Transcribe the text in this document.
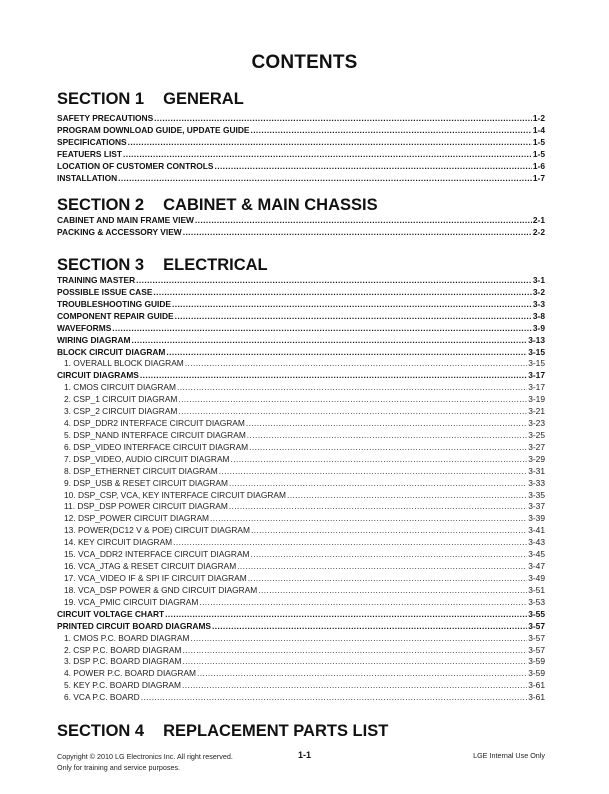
CONTENTS
SECTION 1 GENERAL
SAFETY PRECAUTIONS .....	1-2
PROGRAM DOWNLOAD GUIDE, UPDATE GUIDE .....	1-4
SPECIFICATIONS .....	1-5
FEATUERS LIST .....	1-5
LOCATION OF CUSTOMER CONTROLS .....	1-6
INSTALLATION .....	1-7
SECTION 2 CABINET & MAIN CHASSIS
CABINET AND MAIN FRAME VIEW .....	2-1
PACKING & ACCESSORY VIEW .....	2-2
SECTION 3 ELECTRICAL
TRAINING MASTER .....	3-1
POSSIBLE ISSUE CASE .....	3-2
TROUBLESHOOTING GUIDE .....	3-3
COMPONENT REPAIR GUIDE .....	3-8
WAVEFORMS .....	3-9
WIRING DIAGRAM .....	3-13
BLOCK CIRCUIT DIAGRAM .....	3-15
1. OVERALL BLOCK DIAGRAM .....	3-15
CIRCUIT DIAGRAMS .....	3-17
1. CMOS CIRCUIT DIAGRAM .....	3-17
2. CSP_1 CIRCUIT DIAGRAM .....	3-19
3. CSP_2 CIRCUIT DIAGRAM .....	3-21
4. DSP_DDR2 INTERFACE CIRCUIT DIAGRAM .....	3-23
5. DSP_NAND INTERFACE CIRCUIT DIAGRAM .....	3-25
6. DSP_VIDEO INTERFACE CIRCUIT DIAGRAM .....	3-27
7. DSP_VIDEO, AUDIO CIRCUIT DIAGRAM .....	3-29
8. DSP_ETHERNET CIRCUIT DIAGRAM .....	3-31
9. DSP_USB & RESET CIRCUIT DIAGRAM .....	3-33
10. DSP_CSP, VCA, KEY INTERFACE CIRCUIT DIAGRAM .....	3-35
11. DSP_DSP POWER CIRCUIT DIAGRAM .....	3-37
12. DSP_POWER CIRCUIT DIAGRAM .....	3-39
13. POWER(DC12 V & POE) CIRCUIT DIAGRAM .....	3-41
14. KEY CIRCUIT DIAGRAM .....	3-43
15. VCA_DDR2 INTERFACE CIRCUIT DIAGRAM .....	3-45
16. VCA_JTAG & RESET CIRCUIT DIAGRAM .....	3-47
17. VCA_VIDEO IF & SPI IF CIRCUIT DIAGRAM .....	3-49
18. VCA_DSP POWER & GND CIRCUIT DIAGRAM .....	3-51
19. VCA_PMIC CIRCUIT DIAGRAM .....	3-53
CIRCUIT VOLTAGE CHART .....	3-55
PRINTED CIRCUIT BOARD DIAGRAMS .....	3-57
1. CMOS P.C. BOARD DIAGRAM .....	3-57
2. CSP P.C. BOARD DIAGRAM .....	3-57
3. DSP P.C. BOARD DIAGRAM .....	3-59
4. POWER P.C. BOARD DIAGRAM .....	3-59
5. KEY P.C. BOARD DIAGRAM .....	3-61
6. VCA P.C. BOARD .....	3-61
SECTION 4 REPLACEMENT PARTS LIST
Copyright © 2010 LG Electronics Inc. All right reserved.
Only for training and service purposes.
1-1	LGE Internal Use Only
